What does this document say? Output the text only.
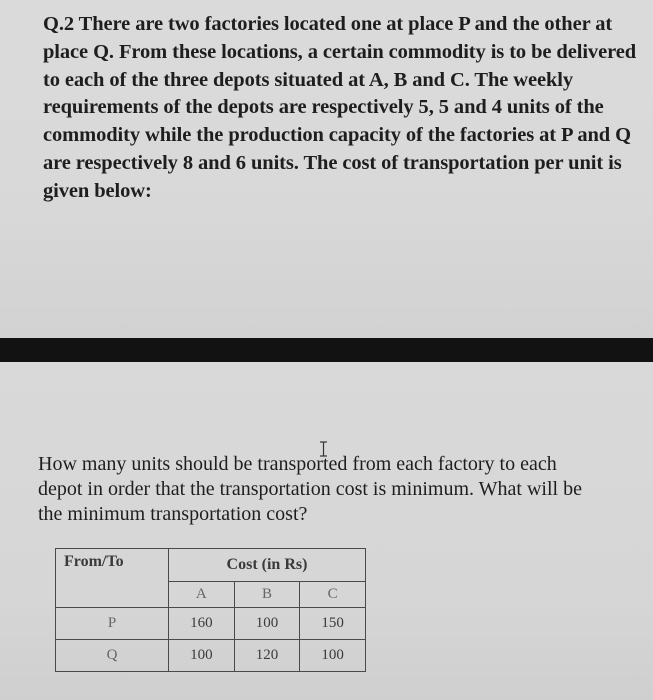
Q.2 There are two factories located one at place P and the other at
place Q. From these locations, a certain commodity is to be delivered
to each of the three depots situated at A, B and C. The weekly
requirements of the depots are respectively 5, 5 and 4 units of the
commodity while the production capacity of the factories at P and Q
are respectively 8 and 6 units. The cost of transportation per unit is
given below:
How many units should be transported from each factory to each
depot in order that the transportation cost is minimum. What will be
the minimum transportation cost?
From/To	Cost (in Rs)		
	A	B	C
P	160	100	150
Q	100	120	100
